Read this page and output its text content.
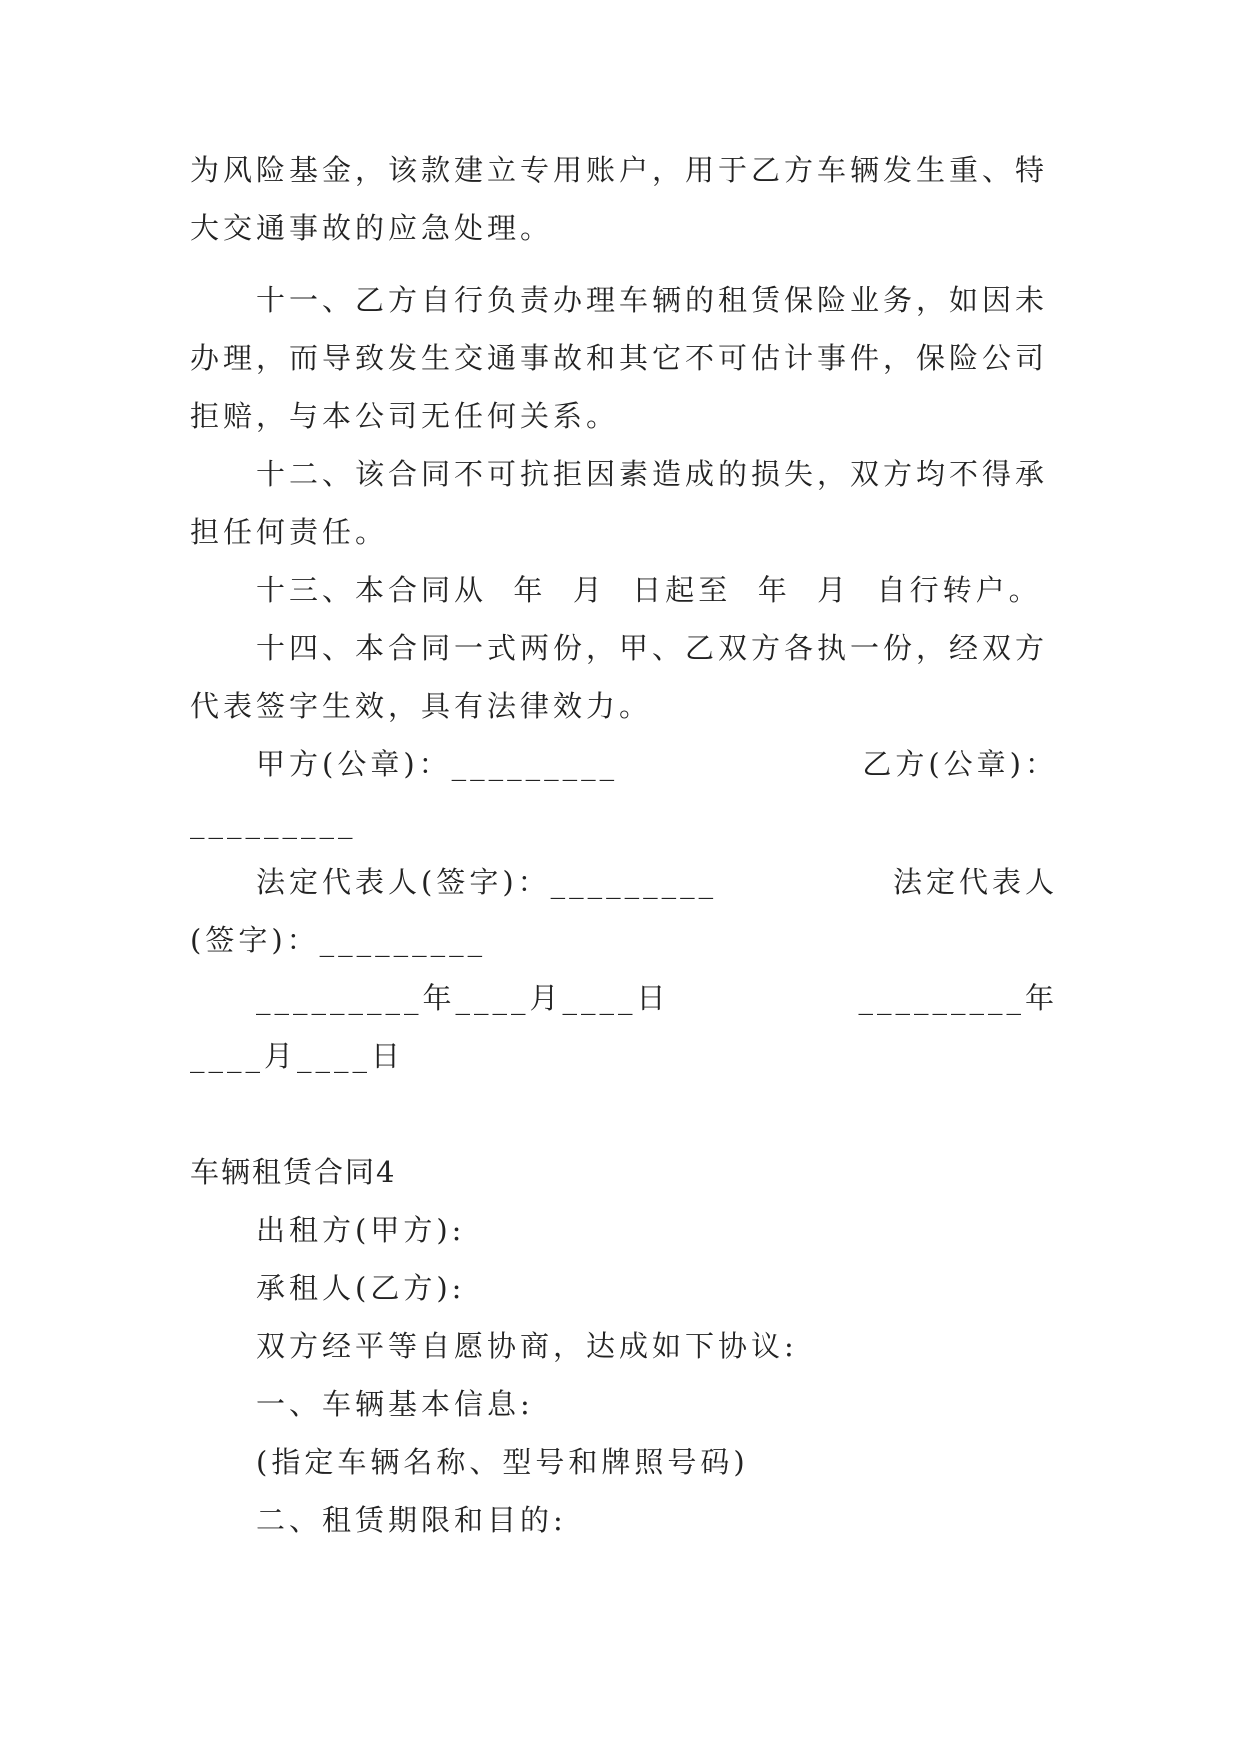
为风险基金，该款建立专用账户，用于乙方车辆发生重、特
大交通事故的应急处理。
十一、乙方自行负责办理车辆的租赁保险业务，如因未
办理，而导致发生交通事故和其它不可估计事件，保险公司
拒赔，与本公司无任何关系。
十二、该合同不可抗拒因素造成的损失，双方均不得承
担任何责任。
十三、本合同从  年  月  日起至  年  月  自行转户。
十四、本合同一式两份，甲、乙双方各执一份，经双方
代表签字生效，具有法律效力。
甲方(公章)：_________	乙方(公章)：
_________
法定代表人(签字)：_________	法定代表人
(签字)：_________
_________年____月____日	_________年
____月____日
车辆租赁合同4
出租方(甲方):
承租人(乙方):
双方经平等自愿协商，达成如下协议:
一、车辆基本信息:
(指定车辆名称、型号和牌照号码)
二、租赁期限和目的:
